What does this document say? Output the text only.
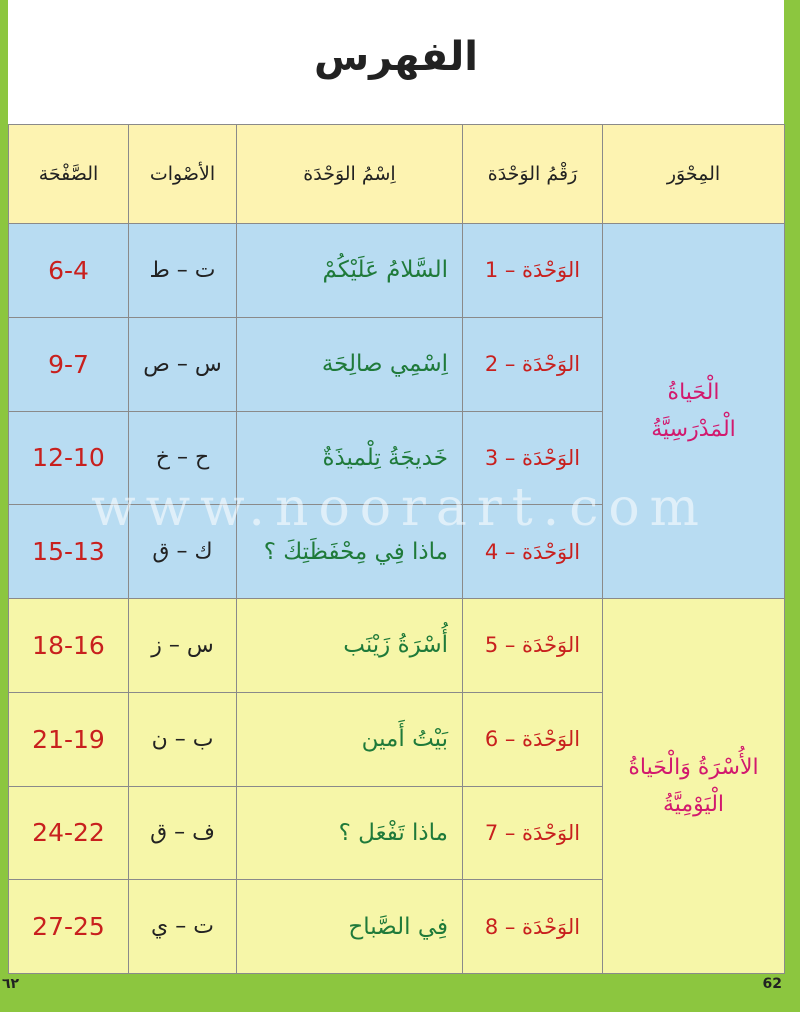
الفهرس
المِحْوَر	رَقْمُ الوَحْدَة	اِسْمُ الوَحْدَة	الأصْوات	الصَّفْحَة

الْحَياةُ
الْمَدْرَسِيَّةُ	الوَحْدَة – 1	السَّلامُ عَلَيْكُمْ	ت – ط	6-4
	الوَحْدَة – 2	اِسْمِي صالِحَة	س – ص	9-7
	الوَحْدَة – 3	خَديجَةُ تِلْميذَةٌ	ح – خ	12-10
	الوَحْدَة – 4	ماذا فِي مِحْفَظَتِكَ ؟	ك – ق	15-13

الأُسْرَةُ وَالْحَياةُ
الْيَوْمِيَّةُ	الوَحْدَة – 5	أُسْرَةُ زَيْنَب	س – ز	18-16
	الوَحْدَة – 6	بَيْتُ أَمين	ب – ن	21-19
	الوَحْدَة – 7	ماذا تَفْعَل ؟	ف – ق	24-22
	الوَحْدَة – 8	فِي الصَّباح	ت – ي	27-25
www.noorart.com
٦٢	62
